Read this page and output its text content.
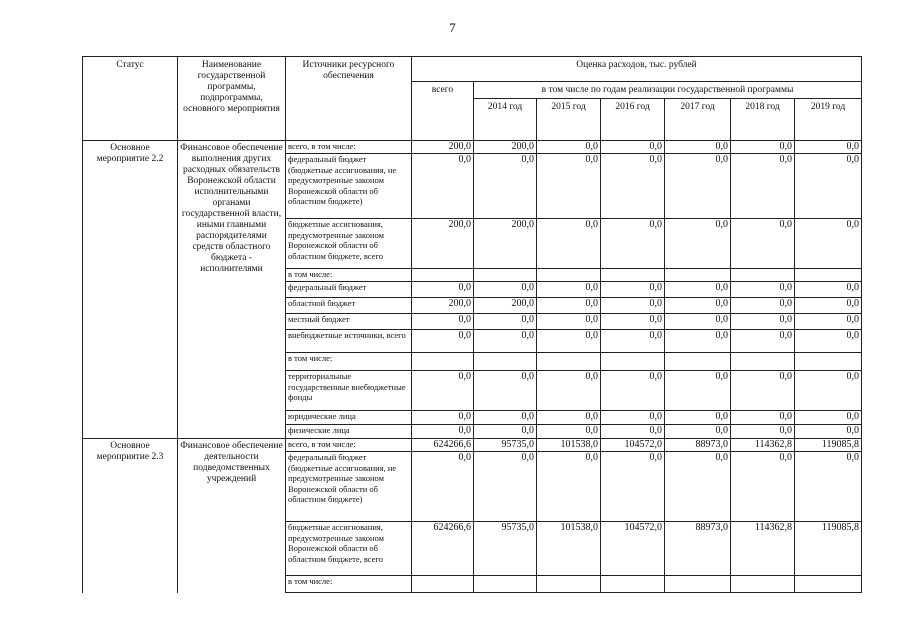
7
Статус	Наименование государственной программы, подпрограммы, основного мероприятия	Источники ресурсного обеспечения	Оценка расходов, тыс. рублей						
			всего	в том числе по годам реализации государственной программы					
				2014 год	2015 год	2016 год	2017 год	2018 год	2019 год
Основное мероприятие 2.2	Финансовое обеспечение выполнения других расходных обязательств Воронежской области исполнительными органами государственной власти, иными главными распорядителями средств областного бюджета - исполнителями	всего, в том числе:	200,0	200,0	0,0	0,0	0,0	0,0	0,0
		федеральный бюджет (бюджетные ассигнования, не предусмотренные законом Воронежской области об областном бюджете)	0,0	0,0	0,0	0,0	0,0	0,0	0,0
		бюджетные ассигнования, предусмотренные законом Воронежской области об областном бюджете, всего	200,0	200,0	0,0	0,0	0,0	0,0	0,0
		в том числе:							
		федеральный бюджет	0,0	0,0	0,0	0,0	0,0	0,0	0,0
		областной бюджет	200,0	200,0	0,0	0,0	0,0	0,0	0,0
		местный бюджет	0,0	0,0	0,0	0,0	0,0	0,0	0,0
		внебюджетные источники, всего	0,0	0,0	0,0	0,0	0,0	0,0	0,0
		в том числе:							
		территориальные государственные внебюджетные фонды	0,0	0,0	0,0	0,0	0,0	0,0	0,0
		юридические лица	0,0	0,0	0,0	0,0	0,0	0,0	0,0
		физические лица	0,0	0,0	0,0	0,0	0,0	0,0	0,0
Основное мероприятие 2.3	Финансовое обеспечение деятельности подведомственных учреждений	всего, в том числе:	624266,6	95735,0	101538,0	104572,0	88973,0	114362,8	119085,8
		федеральный бюджет (бюджетные ассигнования, не предусмотренные законом Воронежской области об областном бюджете)	0,0	0,0	0,0	0,0	0,0	0,0	0,0
		бюджетные ассигнования, предусмотренные законом Воронежской области об областном бюджете, всего	624266,6	95735,0	101538,0	104572,0	88973,0	114362,8	119085,8
		в том числе:							
